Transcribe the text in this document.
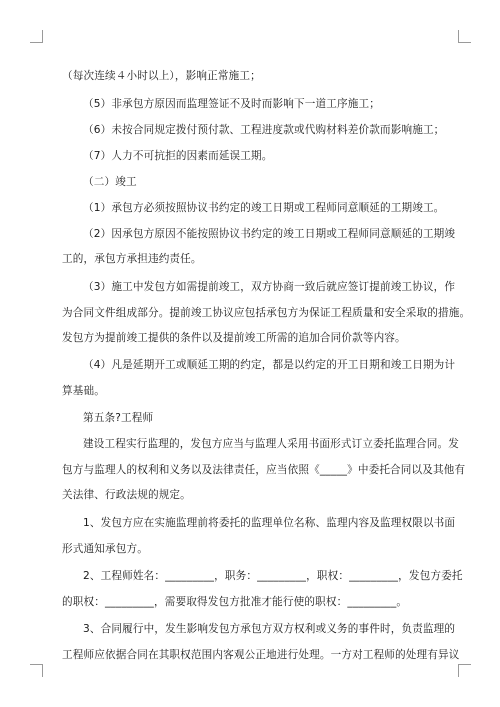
（每次连续４小时以上），影响正常施工；
（5）非承包方原因而监理签证不及时而影响下一道工序施工；
（6）未按合同规定拨付预付款、工程进度款或代购材料差价款而影响施工；
（7）人力不可抗拒的因素而延误工期。
（二）竣工
（1）承包方必须按照协议书约定的竣工日期或工程师同意顺延的工期竣工。
（2）因承包方原因不能按照协议书约定的竣工日期或工程师同意顺延的工期竣
工的，承包方承担违约责任。
（3）施工中发包方如需提前竣工，双方协商一致后就应签订提前竣工协议，作
为合同文件组成部分。提前竣工协议应包括承包方为保证工程质量和安全采取的措施。
发包方为提前竣工提供的条件以及提前竣工所需的追加合同价款等内容。
（4）凡是延期开工或顺延工期的约定，都是以约定的开工日期和竣工日期为计
算基础。
第五条?工程师
建设工程实行监理的，发包方应当与监理人采用书面形式订立委托监理合同。发
包方与监理人的权利和义务以及法律责任，应当依照《_____》中委托合同以及其他有
关法律、行政法规的规定。
1、发包方应在实施监理前将委托的监理单位名称、监理内容及监理权限以书面
形式通知承包方。
2、工程师姓名：_________，职务：_________，职权：_________，发包方委托
的职权：_________，需要取得发包方批准才能行使的职权：_________。
3、合同履行中，发生影响发包方承包方双方权利或义务的事件时，负责监理的
工程师应依据合同在其职权范围内客观公正地进行处理。一方对工程师的处理有异议
